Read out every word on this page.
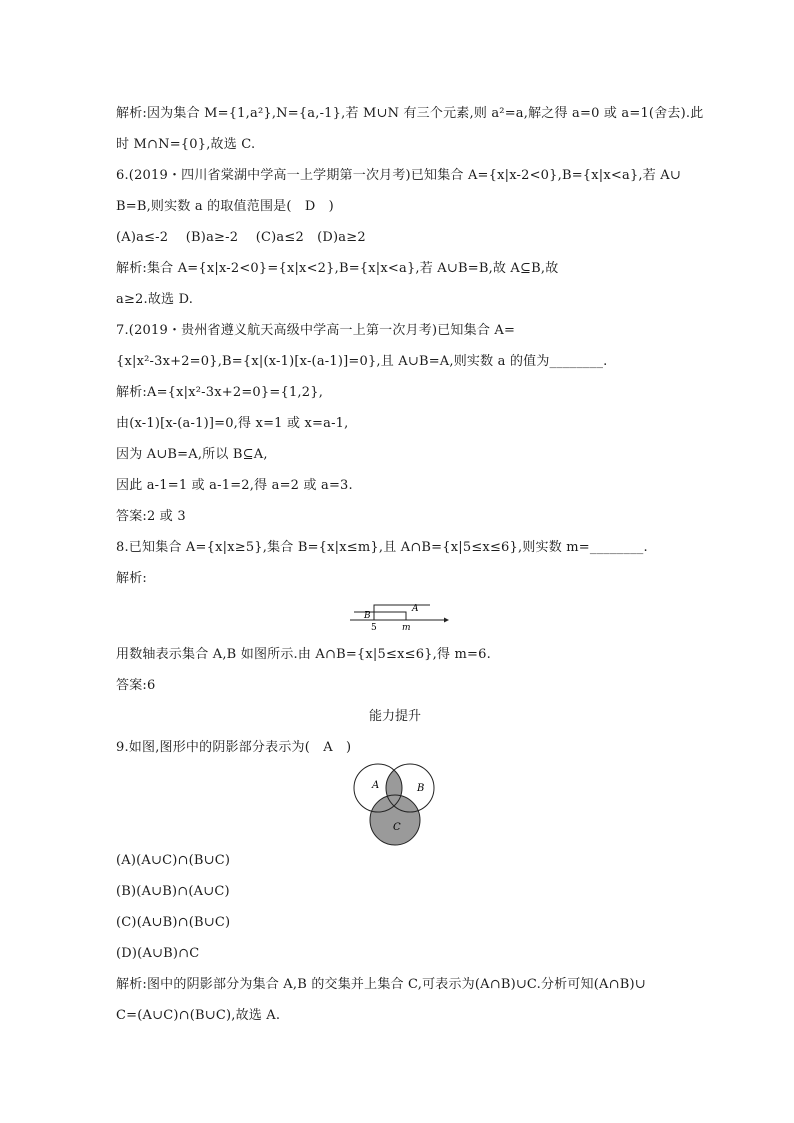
解析:因为集合 M={1,a²},N={a,-1},若 M∪N 有三个元素,则 a²=a,解之得 a=0 或 a=1(舍去).此
时 M∩N={0},故选 C.
6.(2019・四川省棠湖中学高一上学期第一次月考)已知集合 A={x|x-2<0},B={x|x<a},若 A∪
B=B,则实数 a 的取值范围是(　D　)
(A)a≤-2　 (B)a≥-2　 (C)a≤2　(D)a≥2
解析:集合 A={x|x-2<0}={x|x<2},B={x|x<a},若 A∪B=B,故 A⊆B,故
a≥2.故选 D.
7.(2019・贵州省遵义航天高级中学高一上第一次月考)已知集合 A=
{x|x²-3x+2=0},B={x|(x-1)[x-(a-1)]=0},且 A∪B=A,则实数 a 的值为________.
解析:A={x|x²-3x+2=0}={1,2},
由(x-1)[x-(a-1)]=0,得 x=1 或 x=a-1,
因为 A∪B=A,所以 B⊆A,
因此 a-1=1 或 a-1=2,得 a=2 或 a=3.
答案:2 或 3
8.已知集合 A={x|x≥5},集合 B={x|x≤m},且 A∩B={x|5≤x≤6},则实数 m=________.
解析:
B
A
5	m
用数轴表示集合 A,B 如图所示.由 A∩B={x|5≤x≤6},得 m=6.
答案:6
能力提升
9.如图,图形中的阴影部分表示为(　A　)
A	B
C
(A)(A∪C)∩(B∪C)
(B)(A∪B)∩(A∪C)
(C)(A∪B)∩(B∪C)
(D)(A∪B)∩C
解析:图中的阴影部分为集合 A,B 的交集并上集合 C,可表示为(A∩B)∪C.分析可知(A∩B)∪
C=(A∪C)∩(B∪C),故选 A.
